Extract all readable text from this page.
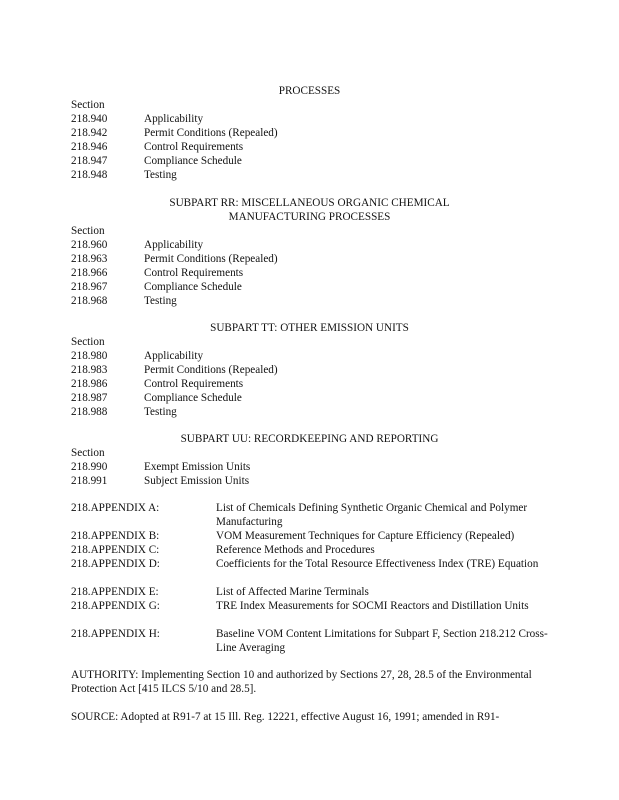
PROCESSES
Section
218.940	Applicability
218.942	Permit Conditions (Repealed)
218.946	Control Requirements
218.947	Compliance Schedule
218.948	Testing
SUBPART RR: MISCELLANEOUS ORGANIC CHEMICAL
MANUFACTURING PROCESSES
Section
218.960	Applicability
218.963	Permit Conditions (Repealed)
218.966	Control Requirements
218.967	Compliance Schedule
218.968	Testing
SUBPART TT: OTHER EMISSION UNITS
Section
218.980	Applicability
218.983	Permit Conditions (Repealed)
218.986	Control Requirements
218.987	Compliance Schedule
218.988	Testing
SUBPART UU: RECORDKEEPING AND REPORTING
Section
218.990	Exempt Emission Units
218.991	Subject Emission Units
218.APPENDIX A:	List of Chemicals Defining Synthetic Organic Chemical and Polymer Manufacturing
218.APPENDIX B:	VOM Measurement Techniques for Capture Efficiency (Repealed)
218.APPENDIX C:	Reference Methods and Procedures
218.APPENDIX D:	Coefficients for the Total Resource Effectiveness Index (TRE) Equation
218.APPENDIX E:	List of Affected Marine Terminals
218.APPENDIX G:	TRE Index Measurements for SOCMI Reactors and Distillation Units
218.APPENDIX H:	Baseline VOM Content Limitations for Subpart F, Section 218.212 Cross-Line Averaging
AUTHORITY: Implementing Section 10 and authorized by Sections 27, 28, 28.5 of the Environmental Protection Act [415 ILCS 5/10 and 28.5].
SOURCE: Adopted at R91-7 at 15 Ill. Reg. 12221, effective August 16, 1991; amended in R91-
